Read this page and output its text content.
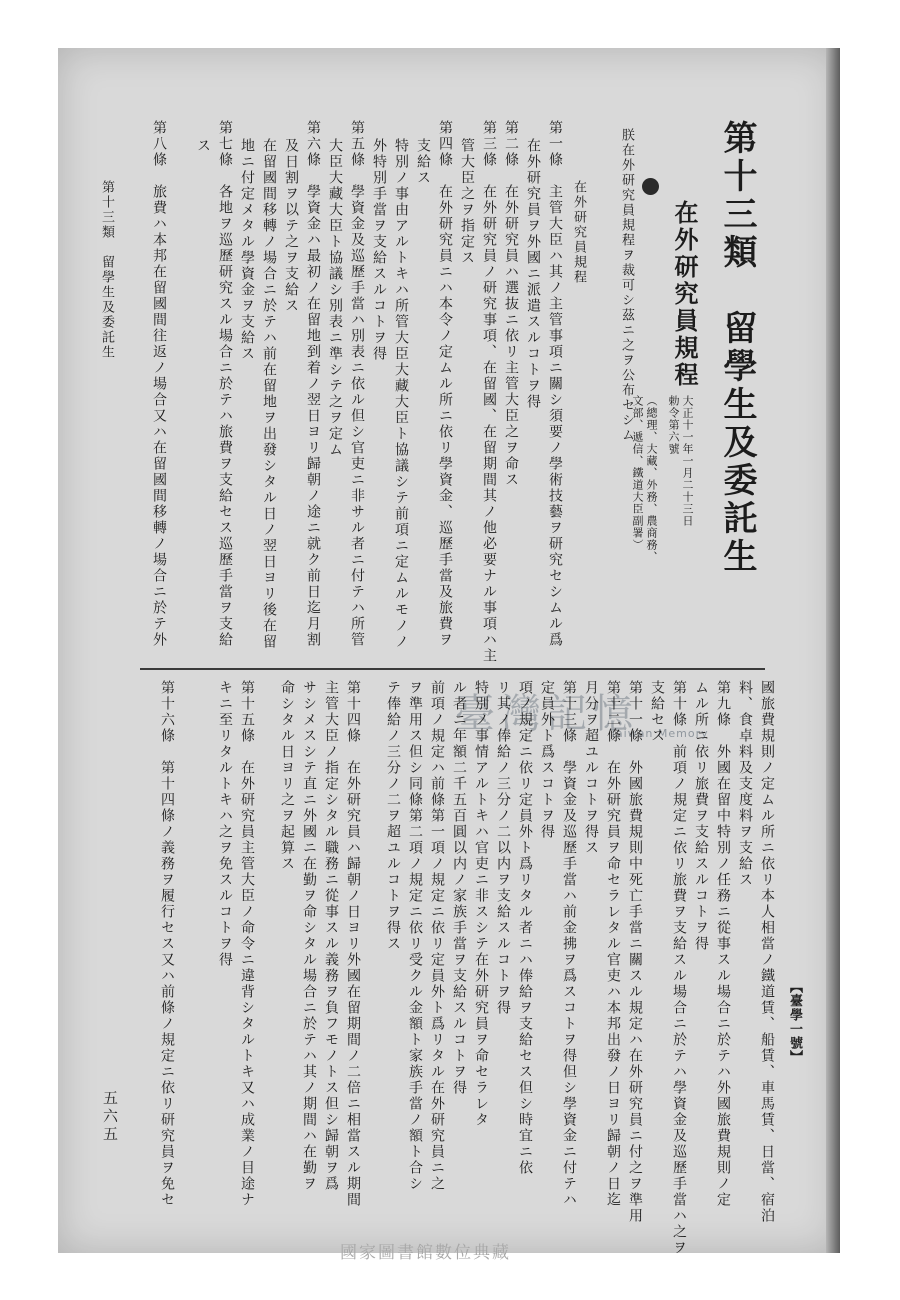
第十三類　留學生及委託生
在外研究員規程
大正十一年一月二十三日
勅令第六號
（總理、大藏、外務、農商務、
文部、遞信、鐵道大臣副署）
朕在外研究員規程ヲ裁可シ茲ニ之ヲ公布セシム
在外研究員規程
第一條　主管大臣ハ其ノ主管事項ニ關シ須要ノ學術技藝ヲ研究セシムル爲
在外研究員ヲ外國ニ派遣スルコトヲ得
第二條　在外研究員ハ選抜ニ依リ主管大臣之ヲ命ス
第三條　在外研究員ノ研究事項、在留國、在留期間其ノ他必要ナル事項ハ主
管大臣之ヲ指定ス
第四條　在外研究員ニハ本令ノ定ムル所ニ依リ學資金、巡歷手當及旅費ヲ
支給ス
特別ノ事由アルトキハ所管大臣大藏大臣ト協議シテ前項ニ定ムルモノノ
外特別手當ヲ支給スルコトヲ得
第五條　學資金及巡歷手當ハ別表ニ依ル但シ官吏ニ非サル者ニ付テハ所管
大臣大藏大臣ト協議シ別表ニ準シテ之ヲ定ム
第六條　學資金ハ最初ノ在留地到着ノ翌日ヨリ歸朝ノ途ニ就ク前日迄月割
及日割ヲ以テ之ヲ支給ス
在留國間移轉ノ場合ニ於テハ前在留地ヲ出發シタル日ノ翌日ヨリ後在留
地ニ付定メタル學資金ヲ支給ス
第七條　各地ヲ巡歷研究スル場合ニ於テハ旅費ヲ支給セス巡歷手當ヲ支給
ス
第八條　旅費ハ本邦在留國間往返ノ場合又ハ在留國間移轉ノ場合ニ於テ外
第十三類　留學生及委託生
臺灣記憶
Taiwan Memory	國旅費規則ノ定ムル所ニ依リ本人相當ノ鐵道賃、船賃、車馬賃、日當、宿泊
料、食卓料及支度料ヲ支給ス
第九條　外國在留中特別ノ任務ニ從事スル場合ニ於テハ外國旅費規則ノ定
ムル所ニ依リ旅費ヲ支給スルコトヲ得
第十條　前項ノ規定ニ依リ旅費ヲ支給スル場合ニ於テハ學資金及巡歷手當ハ之ヲ
支給セス
第十一條　外國旅費規則中死亡手當ニ關スル規定ハ在外研究員ニ付之ヲ準用
第十二條　在外研究員ヲ命セラレタル官吏ハ本邦出發ノ日ヨリ歸朝ノ日迄
月分ヲ超ユルコトヲ得ス
第十三條　學資金及巡歷手當ハ前金拂ヲ爲スコトヲ得但シ學資金ニ付テハ
定員外ト爲スコトヲ得
項ノ規定ニ依リ定員外ト爲リタル者ニハ俸給ヲ支給セス但シ時宜ニ依
リ其ノ俸給ノ三分ノ二以内ヲ支給スルコトヲ得
特別ノ事情アルトキハ官吏ニ非スシテ在外研究員ヲ命セラレタ
ル者ニ年額二千五百圓以内ノ家族手當ヲ支給スルコトヲ得
前項ノ規定ハ前條第一項ノ規定ニ依リ定員外ト爲リタル在外研究員ニ之
ヲ準用ス但シ同條第二項ノ規定ニ依リ受クル金額ト家族手當ノ額ト合シ
テ俸給ノ三分ノ二ヲ超ユルコトヲ得ス
第十四條　在外研究員ハ歸朝ノ日ヨリ外國在留期間ノ二倍ニ相當スル期間
主管大臣ノ指定シタル職務ニ從事スル義務ヲ負フモノトス但シ歸朝ヲ爲
サシメスシテ直ニ外國ニ在勤ヲ命シタル場合ニ於テハ其ノ期間ハ在勤ヲ
命シタル日ヨリ之ヲ起算ス
第十五條　在外研究員主管大臣ノ命令ニ違背シタルトキ又ハ成業ノ目途ナ
キニ至リタルトキハ之ヲ免スルコトヲ得
第十六條　第十四條ノ義務ヲ履行セス又ハ前條ノ規定ニ依リ研究員ヲ免セ	【臺學一號】
五六五
國家圖書館數位典藏
